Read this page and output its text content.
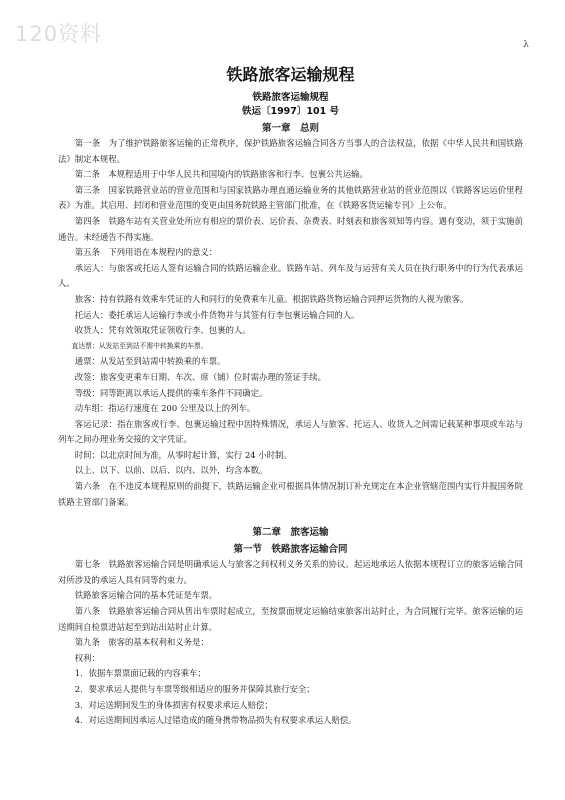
120资料	λ
铁路旅客运输规程
铁路旅客运输规程
铁运〔1997〕101 号
第一章　总则

第一条　为了维护铁路旅客运输的正常秩序，保护铁路旅客运输合同各方当事人的合法权益，依据《中华人民共和国铁路法》制定本规程。

第二条　本规程适用于中华人民共和国境内的铁路旅客和行李、包裹公共运输。

第三条　国家铁路营业站的营业范围和与国家铁路办理直通运输业务的其他铁路营业站的营业范围以《铁路客运运价里程表》为准。其启用、封闭和营业范围的变更由国务院铁路主管部门批准，在《铁路客货运输专刊》上公布。

第四条　铁路车站有关营业处所应有相应的票价表、运价表、杂费表、时刻表和旅客须知等内容。遇有变动，须于实施前通告。未经通告不得实施。

第五条　下列用语在本规程内的意义：

承运人：与旅客或托运人签有运输合同的铁路运输企业。铁路车站、列车及与运营有关人员在执行职务中的行为代表承运人。

旅客：持有铁路有效乘车凭证的人和同行的免费乘车儿童。根据铁路货物运输合同押运货物的人视为旅客。

托运人：委托承运人运输行李或小件货物并与其签有行李包裹运输合同的人。

收货人：凭有效领取凭证领收行李、包裹的人。

直达票：从发站至到站不需中转换乘的车票。

通票：从发站至到站需中转换乘的车票。

改签：旅客变更乘车日期、车次、席（铺）位时需办理的签证手续。

等级：同等距离以承运人提供的乘车条件不同确定。

动车组：指运行速度在 200 公里及以上的列车。

客运记录：指在旅客或行李、包裹运输过程中因特殊情况，承运人与旅客、托运人、收货人之间需记载某种事项或车站与列车之间办理业务交接的文字凭证。

时间：以北京时间为准，从零时起计算，实行 24 小时制。

以上、以下、以前、以后、以内、以外，均含本数。

第六条　在不违反本规程原则的前提下，铁路运输企业可根据具体情况制订补充规定在本企业管辖范围内实行并报国务院铁路主管部门备案。

第二章　旅客运输
第一节　铁路旅客运输合同

第七条　铁路旅客运输合同是明确承运人与旅客之间权利义务关系的协议。起运地承运人依据本规程订立的旅客运输合同对所涉及的承运人具有同等约束力。

铁路旅客运输合同的基本凭证是车票。

第八条　铁路旅客运输合同从售出车票时起成立，至按票面规定运输结束旅客出站时止，为合同履行完毕。旅客运输的运送期间自检票进站起至到站出站时止计算。

第九条　旅客的基本权利和义务是：

权利：

1．依据车票票面记载的内容乘车；

2．要求承运人提供与车票等级相适应的服务并保障其旅行安全；

3．对运送期间发生的身体损害有权要求承运人赔偿；

4．对运送期间因承运人过错造成的随身携带物品损失有权要求承运人赔偿。
